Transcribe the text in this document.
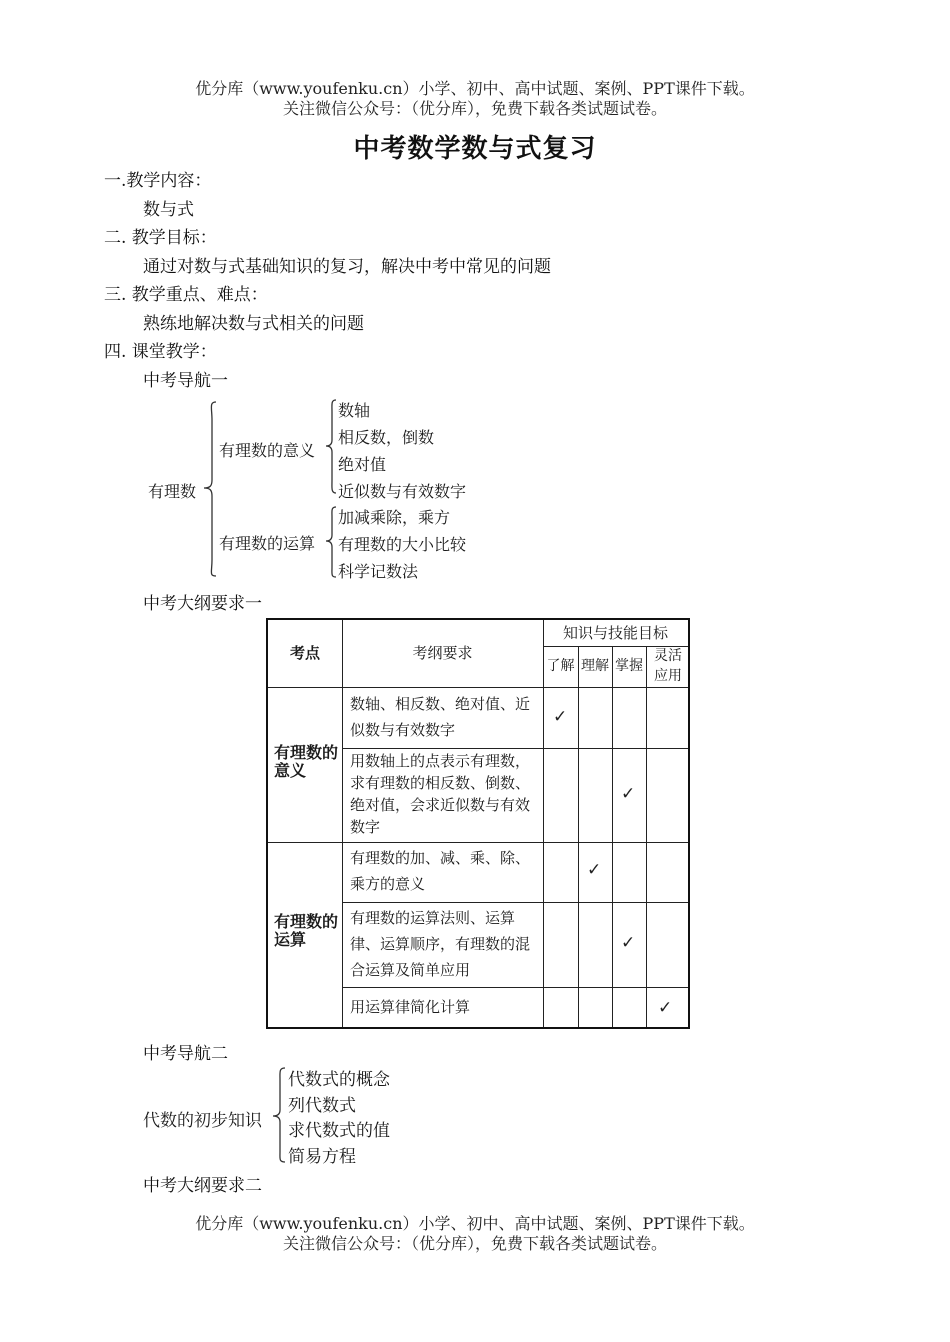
优分库（www.youfenku.cn）小学、初中、高中试题、案例、PPT课件下载。
关注微信公众号：（优分库），免费下载各类试题试卷。
中考数学数与式复习
一.教学内容：
数与式
二. 教学目标：
通过对数与式基础知识的复习，解决中考中常见的问题
三. 教学重点、难点：
熟练地解决数与式相关的问题
四. 课堂教学：
中考导航一
有理数
有理数的意义
数轴
相反数，倒数
绝对值
近似数与有效数字
有理数的运算
加减乘除，乘方
有理数的大小比较
科学记数法
中考大纲要求一
考点	考纲要求
知识与技能目标
了解 理解 掌握
灵活应用
有理数的意义
有理数的运算
数轴、相反数、绝对值、近似数与有效数字
用数轴上的点表示有理数，求有理数的相反数、倒数、绝对值，会求近似数与有效数字
有理数的加、减、乘、除、乘方的意义
有理数的运算法则、运算律、运算顺序，有理数的混合运算及简单应用
用运算律简化计算
✓
✓
✓
✓
✓
中考导航二
代数的初步知识
代数式的概念
列代数式
求代数式的值
简易方程
中考大纲要求二
优分库（www.youfenku.cn）小学、初中、高中试题、案例、PPT课件下载。
关注微信公众号：（优分库），免费下载各类试题试卷。
